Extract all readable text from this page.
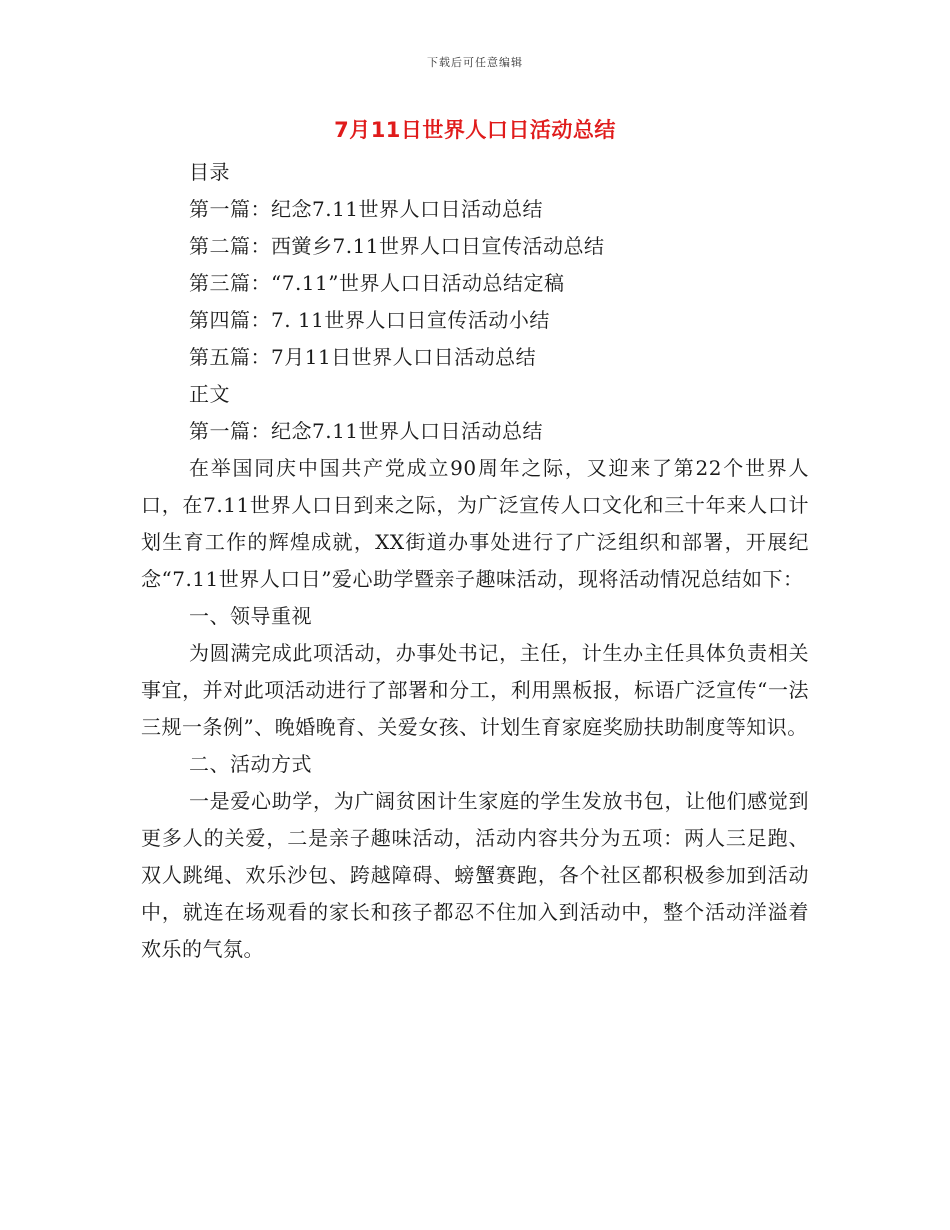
下载后可任意编辑
7月11日世界人口日活动总结
目录
第一篇：纪念7.11世界人口日活动总结
第二篇：西黉乡7.11世界人口日宣传活动总结
第三篇：“7.11”世界人口日活动总结定稿
第四篇：7. 11世界人口日宣传活动小结
第五篇：7月11日世界人口日活动总结
正文
第一篇：纪念7.11世界人口日活动总结

在举国同庆中国共产党成立90周年之际，又迎来了第22个世界人口，在7.11世界人口日到来之际，为广泛宣传人口文化和三十年来人口计划生育工作的辉煌成就，XX街道办事处进行了广泛组织和部署，开展纪念“7.11世界人口日”爱心助学暨亲子趣味活动，现将活动情况总结如下：

一、领导重视

为圆满完成此项活动，办事处书记，主任，计生办主任具体负责相关事宜，并对此项活动进行了部署和分工，利用黑板报，标语广泛宣传“一法三规一条例”、晚婚晚育、关爱女孩、计划生育家庭奖励扶助制度等知识。

二、活动方式

一是爱心助学，为广阔贫困计生家庭的学生发放书包，让他们感觉到更多人的关爱，二是亲子趣味活动，活动内容共分为五项：两人三足跑、双人跳绳、欢乐沙包、跨越障碍、螃蟹赛跑，各个社区都积极参加到活动中，就连在场观看的家长和孩子都忍不住加入到活动中，整个活动洋溢着欢乐的气氛。
